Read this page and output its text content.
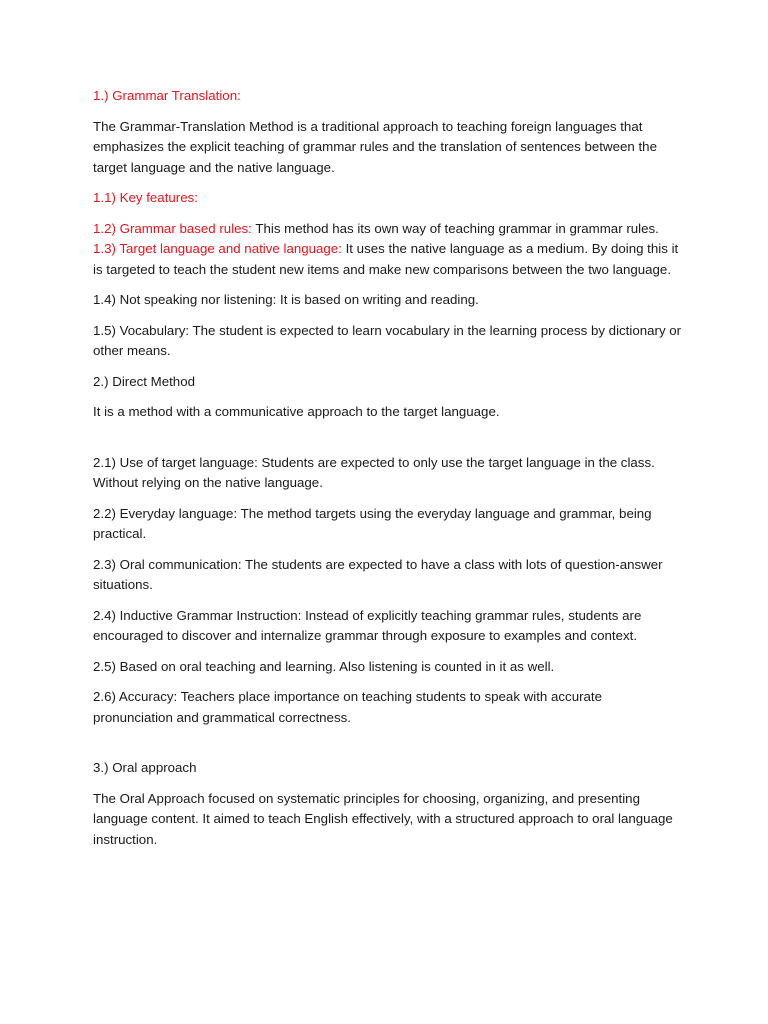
1.) Grammar Translation:

The Grammar-Translation Method is a traditional approach to teaching foreign languages that emphasizes the explicit teaching of grammar rules and the translation of sentences between the target language and the native language.

1.1) Key features:

1.2) Grammar based rules: This method has its own way of teaching grammar in grammar rules.

1.3) Target language and native language: It uses the native language as a medium. By doing this it is targeted to teach the student new items and make new comparisons between the two language.

1.4) Not speaking nor listening: It is based on writing and reading.

1.5) Vocabulary: The student is expected to learn vocabulary in the learning process by dictionary or other means.

2.) Direct Method

It is a method with a communicative approach to the target language.

2.1) Use of target language: Students are expected to only use the target language in the class. Without relying on the native language.

2.2) Everyday language: The method targets using the everyday language and grammar, being practical.

2.3) Oral communication: The students are expected to have a class with lots of question-answer situations.

2.4) Inductive Grammar Instruction: Instead of explicitly teaching grammar rules, students are encouraged to discover and internalize grammar through exposure to examples and context.

2.5) Based on oral teaching and learning. Also listening is counted in it as well.

2.6) Accuracy: Teachers place importance on teaching students to speak with accurate pronunciation and grammatical correctness.

3.) Oral approach

The Oral Approach focused on systematic principles for choosing, organizing, and presenting language content. It aimed to teach English effectively, with a structured approach to oral language instruction.
